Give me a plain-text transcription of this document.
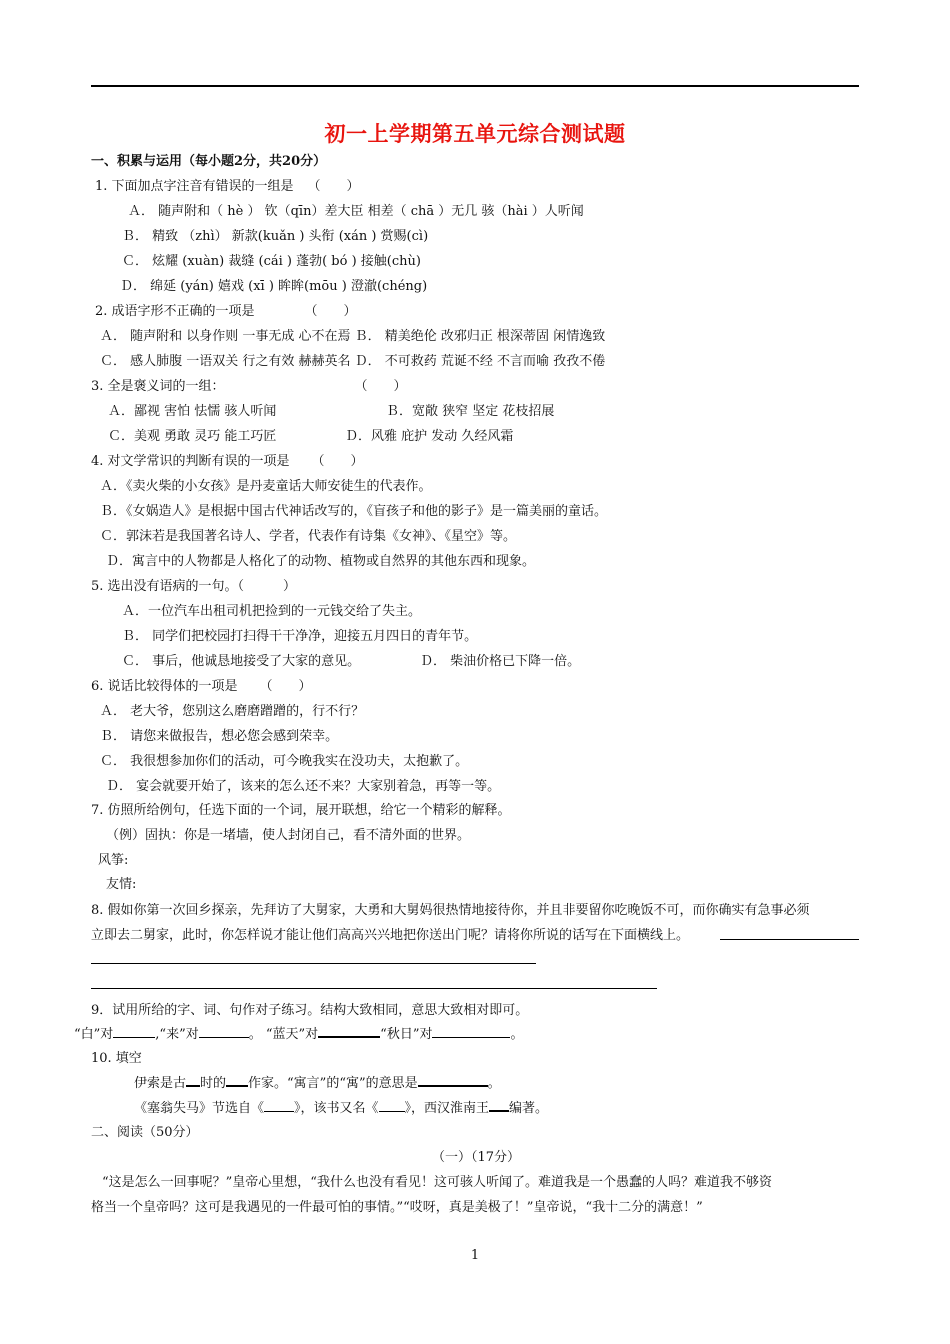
初一上学期第五单元综合测试题
一、积累与运用（每小题2分，共20分）
1. 下面加点字注音有错误的一组是 （　　）
Ａ． 随声附和（ hè ） 钦（qīn）差大臣 相差（ chā ）无几 骇（hài ）人听闻
Ｂ． 精致 （zhì） 新款(kuǎn ) 头衔 (xán ) 赏赐(cì)
Ｃ． 炫耀 (xuàn) 裁缝 (cái ) 蓬勃( bó ) 接触(chù)
Ｄ． 绵延 (yán) 嬉戏 (xī ) 眸眸(mōu ) 澄澈(chéng)
2. 成语字形不正确的一项是	（　　）
Ａ． 随声附和 以身作则 一事无成 心不在焉 Ｂ． 精美绝伦 改邪归正 根深蒂固 闲情逸致
Ｃ． 感人肺腹 一语双关 行之有效 赫赫英名 Ｄ． 不可救药 荒诞不经 不言而喻 孜孜不倦
3. 全是褒义词的一组：	（　　）
Ａ．鄙视 害怕 怯懦 骇人听闻	Ｂ．宽敞 狭窄 坚定 花枝招展
Ｃ．美观 勇敢 灵巧 能工巧匠	Ｄ．风雅 庇护 发动 久经风霜
4. 对文学常识的判断有误的一项是 （　　）
Ａ．《卖火柴的小女孩》是丹麦童话大师安徒生的代表作。
Ｂ．《女娲造人》是根据中国古代神话改写的，《盲孩子和他的影子》是一篇美丽的童话。
Ｃ．郭沫若是我国著名诗人、学者，代表作有诗集《女神》、《星空》等。
Ｄ．寓言中的人物都是人格化了的动物、植物或自然界的其他东西和现象。
5. 选出没有语病的一句。（　　　）
Ａ．一位汽车出租司机把捡到的一元钱交给了失主。
Ｂ． 同学们把校园打扫得干干净净，迎接五月四日的青年节。
Ｃ． 事后，他诚恳地接受了大家的意见。	Ｄ． 柴油价格已下降一倍。
6. 说话比较得体的一项是 （　　）
Ａ． 老大爷，您别这么磨磨蹭蹭的，行不行？
Ｂ． 请您来做报告，想必您会感到荣幸。
Ｃ． 我很想参加你们的活动，可今晚我实在没功夫，太抱歉了。
Ｄ． 宴会就要开始了，该来的怎么还不来？大家别着急，再等一等。
7. 仿照所给例句，任选下面的一个词，展开联想，给它一个精彩的解释。
（例）固执：你是一堵墙，使人封闭自己，看不清外面的世界。
风筝:
友情:
8. 假如你第一次回乡探亲，先拜访了大舅家，大勇和大舅妈很热情地接待你，并且非要留你吃晚饭不可，而你确实有急事必须
立即去二舅家，此时，你怎样说才能让他们高高兴兴地把你送出门呢？请将你所说的话写在下面横线上。
9．试用所给的字、词、句作对子练习。结构大致相同，意思大致相对即可。
“白”对	,“来”对	。 “蓝天”对	“秋日”对	。
10. 填空
伊索是古 时的 作家。“寓言”的“寓”的意思是	。
《塞翁失马》节选自《 》，该书又名《 》，西汉淮南王 编著。
二、阅读（50分）
（一）（17分）
“这是怎么一回事呢？”皇帝心里想，“我什么也没有看见！这可骇人听闻了。难道我是一个愚蠢的人吗？难道我不够资
格当一个皇帝吗？这可是我遇见的一件最可怕的事情。”“哎呀，真是美极了！”皇帝说，“我十二分的满意！”
1
